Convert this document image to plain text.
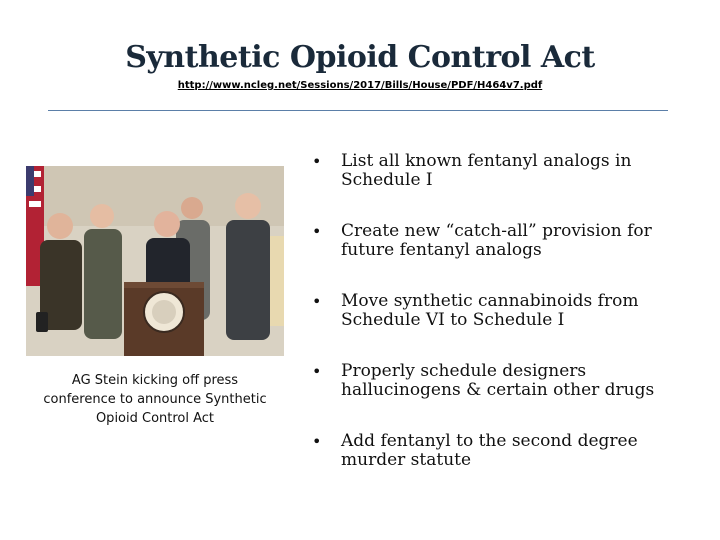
Synthetic Opioid Control Act
http://www.ncleg.net/Sessions/2017/Bills/House/PDF/H464v7.pdf
AG Stein kicking off press conference to announce Synthetic Opioid Control Act
• List all known fentanyl analogs in Schedule I
• Create new “catch-all” provision for future fentanyl analogs
• Move synthetic cannabinoids from Schedule VI to Schedule I
• Properly schedule designers hallucinogens & certain other drugs
• Add fentanyl to the second degree murder statute
